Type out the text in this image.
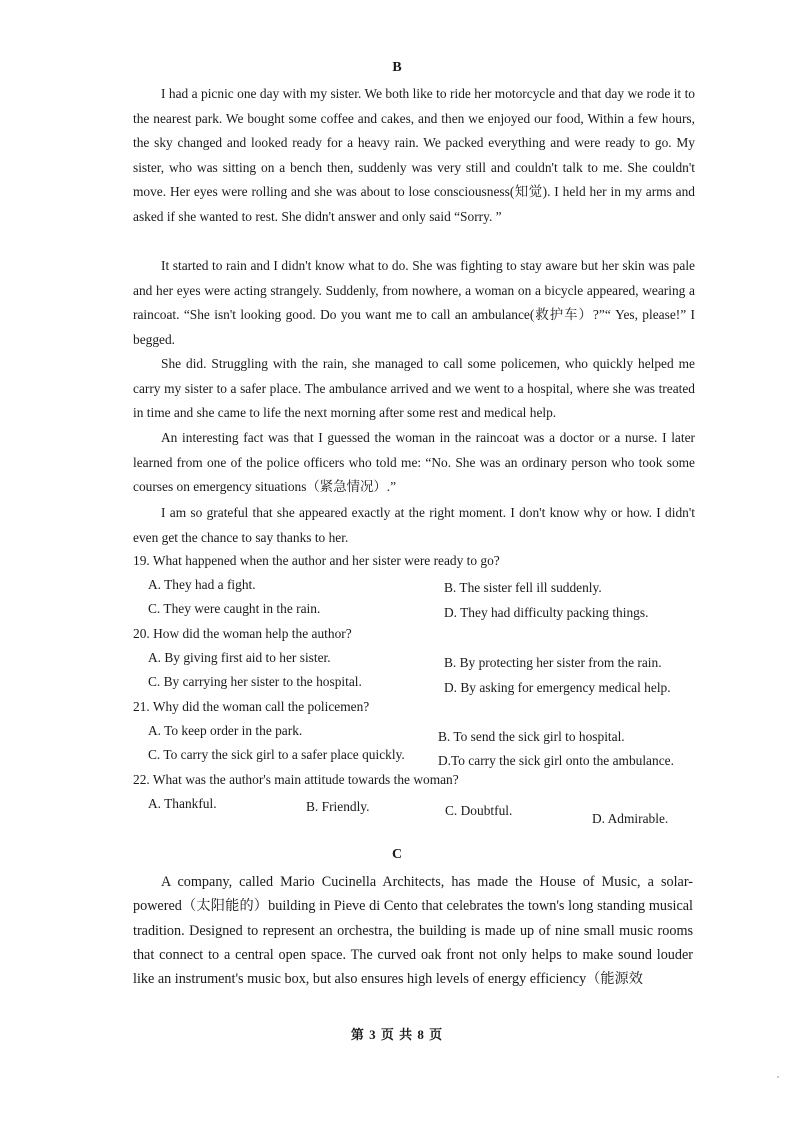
B

I had a picnic one day with my sister. We both like to ride her motorcycle and that day we rode it to the nearest park. We bought some coffee and cakes, and then we enjoyed our food, Within a few hours, the sky changed and looked ready for a heavy rain. We packed everything and were ready to go. My sister, who was sitting on a bench then, suddenly was very still and couldn't talk to me. She couldn't move. Her eyes were rolling and she was about to lose consciousness(知觉). I held her in my arms and asked if she wanted to rest. She didn't answer and only said “Sorry. ”

It started to rain and I didn't know what to do. She was fighting to stay aware but her skin was pale and her eyes were acting strangely. Suddenly, from nowhere, a woman on a bicycle appeared, wearing a raincoat. “She isn't looking good. Do you want me to call an ambulance(救护车）?”“ Yes, please!” I begged.

She did. Struggling with the rain, she managed to call some policemen, who quickly helped me carry my sister to a safer place. The ambulance arrived and we went to a hospital, where she was treated in time and she came to life the next morning after some rest and medical help.

An interesting fact was that I guessed the woman in the raincoat was a doctor or a nurse. I later learned from one of the police officers who told me: “No. She was an ordinary person who took some courses on emergency situations（紧急情况）.”

I am so grateful that she appeared exactly at the right moment. I don't know why or how. I didn't even get the chance to say thanks to her.

19. What happened when the author and her sister were ready to go?
A. They had a fight.	B. The sister fell ill suddenly.
C. They were caught in the rain.	D. They had difficulty packing things.
20. How did the woman help the author?
A. By giving first aid to her sister.	B. By protecting her sister from the rain.
C. By carrying her sister to the hospital.	D. By asking for emergency medical help.
21. Why did the woman call the policemen?
A. To keep order in the park.	B. To send the sick girl to hospital.
C. To carry the sick girl to a safer place quickly. D.To carry the sick girl onto the ambulance.
22. What was the author's main attitude towards the woman?
A. Thankful.	B. Friendly.	C. Doubtful.
D. Admirable.
C

A company, called Mario Cucinella Architects, has made the House of Music, a solar-powered（太阳能的）building in Pieve di Cento that celebrates the town's long standing musical tradition. Designed to represent an orchestra, the building is made up of nine small music rooms that connect to a central open space. The curved oak front not only helps to make sound louder like an instrument's music box, but also ensures high levels of energy efficiency（能源效

第 3 页 共 8 页
